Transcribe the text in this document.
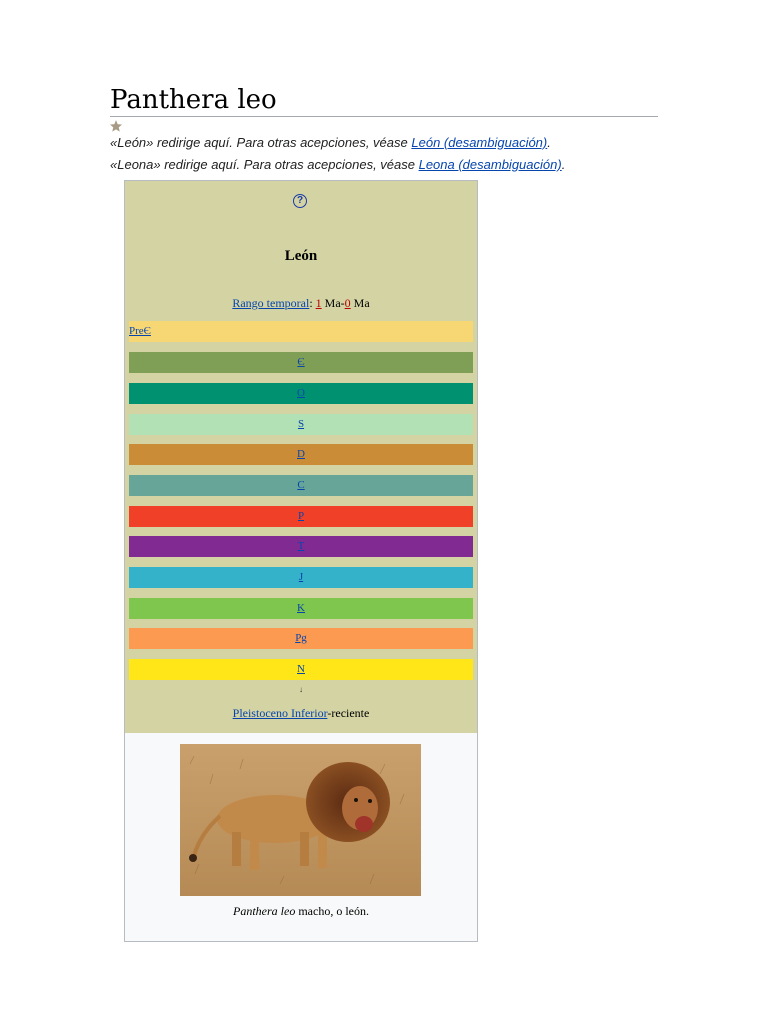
Panthera leo
«León» redirige aquí. Para otras acepciones, véase León (desambiguación).
«Leona» redirige aquí. Para otras acepciones, véase Leona (desambiguación).
?
León
Rango temporal: 1 Ma-0 Ma
PreЄ
Є
O
S
D
C
P
T
J
K
Pg
N
↓
Pleistoceno Inferior-reciente
Panthera leo macho, o león.
